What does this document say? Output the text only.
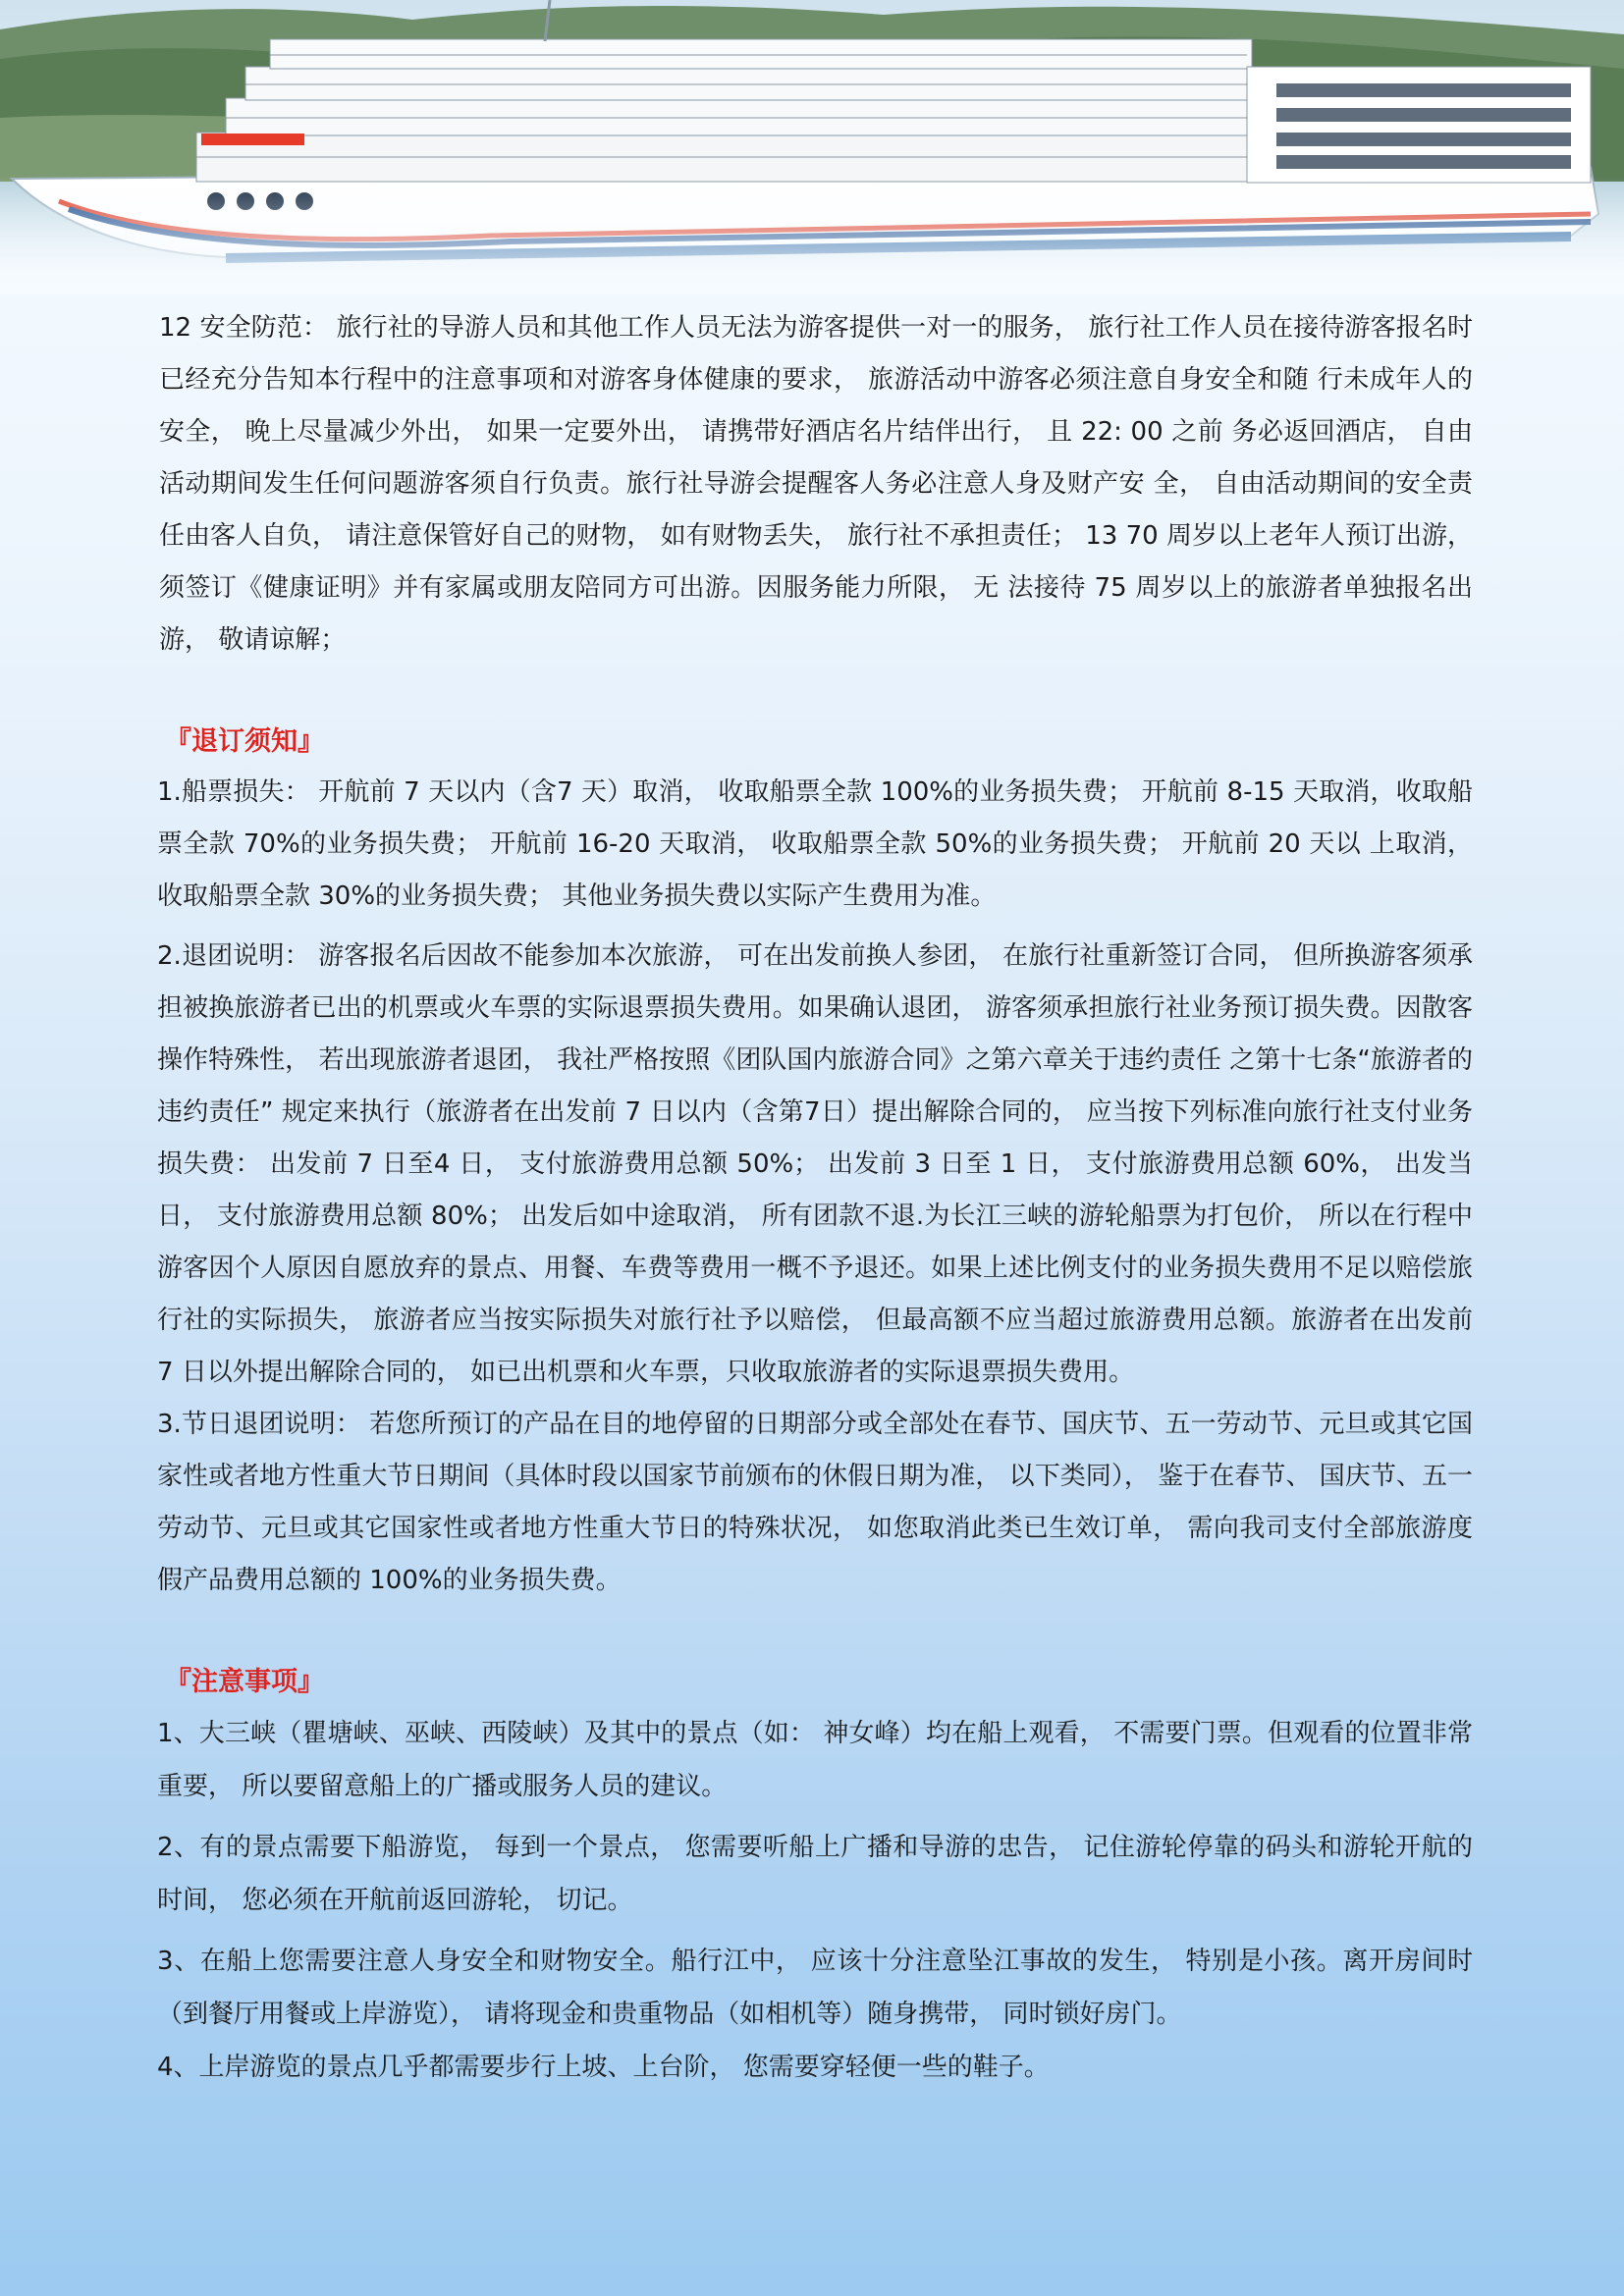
12 安全防范： 旅行社的导游人员和其他工作人员无法为游客提供一对一的服务， 旅行社工作人员在接待游客报名时已经充分告知本行程中的注意事项和对游客身体健康的要求， 旅游活动中游客必须注意自身安全和随 行未成年人的安全， 晚上尽量减少外出， 如果一定要外出， 请携带好酒店名片结伴出行， 且 22: 00 之前 务必返回酒店， 自由活动期间发生任何问题游客须自行负责。旅行社导游会提醒客人务必注意人身及财产安 全， 自由活动期间的安全责任由客人自负， 请注意保管好自己的财物， 如有财物丢失， 旅行社不承担责任； 13 70 周岁以上老年人预订出游， 须签订《健康证明》并有家属或朋友陪同方可出游。因服务能力所限， 无 法接待 75 周岁以上的旅游者单独报名出游， 敬请谅解；

『退订须知』

1.船票损失： 开航前 7 天以内（含7 天）取消， 收取船票全款 100%的业务损失费； 开航前 8-15 天取消，收取船票全款 70%的业务损失费； 开航前 16-20 天取消， 收取船票全款 50%的业务损失费； 开航前 20 天以 上取消， 收取船票全款 30%的业务损失费； 其他业务损失费以实际产生费用为准。

2.退团说明： 游客报名后因故不能参加本次旅游， 可在出发前换人参团， 在旅行社重新签订合同， 但所换游客须承担被换旅游者已出的机票或火车票的实际退票损失费用。如果确认退团， 游客须承担旅行社业务预订损失费。因散客操作特殊性， 若出现旅游者退团， 我社严格按照《团队国内旅游合同》之第六章关于违约责任 之第十七条“旅游者的违约责任” 规定来执行（旅游者在出发前 7 日以内（含第7日）提出解除合同的， 应当按下列标准向旅行社支付业务损失费： 出发前 7 日至4 日， 支付旅游费用总额 50%； 出发前 3 日至 1 日， 支付旅游费用总额 60%， 出发当日， 支付旅游费用总额 80%； 出发后如中途取消， 所有团款不退.为长江三峡的游轮船票为打包价， 所以在行程中游客因个人原因自愿放弃的景点、用餐、车费等费用一概不予退还。如果上述比例支付的业务损失费用不足以赔偿旅行社的实际损失， 旅游者应当按实际损失对旅行社予以赔偿， 但最高额不应当超过旅游费用总额。旅游者在出发前 7 日以外提出解除合同的， 如已出机票和火车票，只收取旅游者的实际退票损失费用。

3.节日退团说明： 若您所预订的产品在目的地停留的日期部分或全部处在春节、国庆节、五一劳动节、元旦或其它国家性或者地方性重大节日期间（具体时段以国家节前颁布的休假日期为准， 以下类同）， 鉴于在春节、 国庆节、五一劳动节、元旦或其它国家性或者地方性重大节日的特殊状况， 如您取消此类已生效订单， 需向我司支付全部旅游度假产品费用总额的 100%的业务损失费。

『注意事项』

1、大三峡（瞿塘峡、巫峡、西陵峡）及其中的景点（如： 神女峰）均在船上观看， 不需要门票。但观看的位置非常重要， 所以要留意船上的广播或服务人员的建议。

2、有的景点需要下船游览， 每到一个景点， 您需要听船上广播和导游的忠告， 记住游轮停靠的码头和游轮开航的时间， 您必须在开航前返回游轮， 切记。

3、在船上您需要注意人身安全和财物安全。船行江中， 应该十分注意坠江事故的发生， 特别是小孩。离开房间时（到餐厅用餐或上岸游览）， 请将现金和贵重物品（如相机等）随身携带， 同时锁好房门。

4、上岸游览的景点几乎都需要步行上坡、上台阶， 您需要穿轻便一些的鞋子。
